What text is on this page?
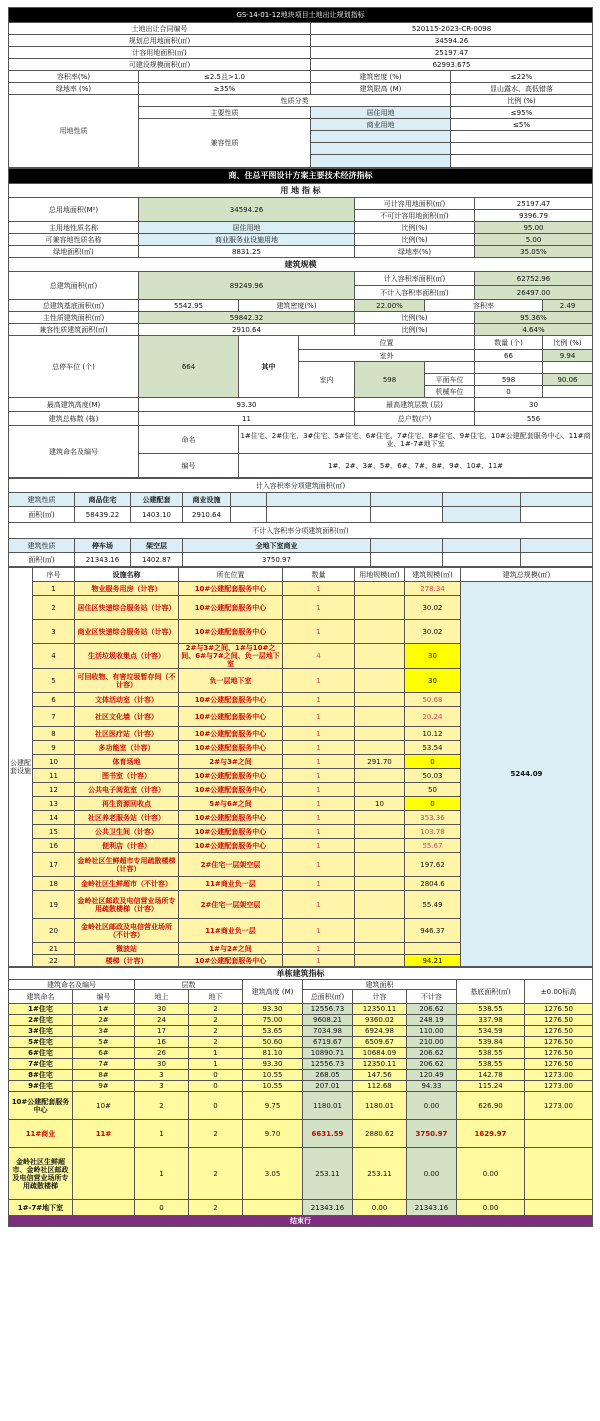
GS-14-01-12地块项目土地出让规划指标			
土地出让合同编号		520115-2023-CR-0098	
规划总用地面积(㎡)		34594.26	
计容用地面积(㎡)		25197.47	
可建设规模面积(㎡)		62993.675	
容积率(%)	≤2.5且>1.0	建筑密度 (%)	≤22%
绿地率 (%)	≥35%	建筑限高 (M)	显山露水、高低错落
用地性质	性质分类		比例 (%)
	主要性质	居住用地	≤95%
	兼容性质	商业用地	≤5%

商、住总平图设计方案主要技术经济指标							
用 地 指 标							
总用地面积(M²)	34594.26			可计容用地面积(㎡)		25197.47	
				不可计容用地面积(㎡)		9396.79	
主用地性质名称	居住用地			比例(%)		95.00	
可兼容地性质名称	商业服务业设施用地			比例(%)		5.00	
绿地面积(㎡)	8831.25			绿地率(%)		35.05%	
建筑规模							
总建筑面积(㎡)	89249.96			计入容积率面积(㎡)		62752.96	
				不计入容积率面积(㎡)		26497.00	
总建筑基底面积(㎡)	5542.95	建筑密度(%)		22.00%	容积率		2.49
主性质建筑面积(㎡)	59842.32			比例(%)		95.36%	
兼容性质建筑面积(㎡)	2910.64			比例(%)		4.64%	
总停车位 (个)	664	其中	位置			数量 (个)	比例 (%)
			室外			66	9.94
			室内	598			
					平面车位	598	90.06
					机械车位	0	
最高建筑高度(M)	93.30			最高建筑层数 (层)		30	
建筑总栋数 (栋)	11			总户数(户)		556	
建筑命名及编号	命名	1#住宅、2#住宅、3#住宅、5#住宅、6#住宅、7#住宅、8#住宅、9#住宅、10#公建配套服务中心、11#商业、1#-7#地下室					
	编号	1#、2#、3#、5#、6#、7#、8#、9#、10#、11#					
计入容积率分项建筑面积(㎡)								
建筑性质	商品住宅	公建配套	商业设施					
面积(㎡)	58439.22	1403.10	2910.64					
不计入容积率分项建筑面积(㎡)								
建筑性质	停车场	架空层	全地下室商业					
面积(㎡)	21343.16	1402.87	3750.97					
公建配套设施	序号	设施名称	所在位置	数量	用地规模(㎡)	建筑规模(㎡)	建筑总规模(㎡)
	1	物业服务用房（计容）	10#公建配套服务中心	1		278.34	5244.09
	2	居住区快递综合服务站（计容）	10#公建配套服务中心	1		30.02	
	3	商业区快递综合服务站（计容）	10#公建配套服务中心	1		30.02	
	4	生活垃圾收集点（计容）	2#与3#之间、1#与10#之间、6#与7#之间、负一层地下室	4		30	
	5	可回收物、有害垃圾暂存间（不计容）	负一层地下室	1		30	
	6	文体活动室（计容）	10#公建配套服务中心	1		50.68	
	7	社区文化墙（计容）	10#公建配套服务中心	1		20.24	
	8	社区医疗站（计容）	10#公建配套服务中心	1		10.12	
	9	多功能室（计容）	10#公建配套服务中心	1		53.54	
	10	体育场地	2#与3#之间	1	291.70	0	
	11	图书室（计容）	10#公建配套服务中心	1		50.03	
	12	公共电子阅览室（计容）	10#公建配套服务中心	1		50	
	13	再生资源回收点	5#与6#之间	1	10	0	
	14	社区养老服务站（计容）	10#公建配套服务中心	1		353.36	
	15	公共卫生间（计容）	10#公建配套服务中心	1		103.78	
	16	便利店（计容）	10#公建配套服务中心	1		55.67	
	17	金岭社区生鲜超市专用疏散楼梯（计容）	2#住宅一层架空层	1		197.62	
	18	金岭社区生鲜超市（不计容）	11#商业负一层	1		2804.6	
	19	金岭社区邮政及电信营业场所专用疏散楼梯（计容）	2#住宅一层架空层	1		55.49	
	20	金岭社区邮政及电信营业场所（不计容）	11#商业负一层	1		946.37	
	21	微波站	1#与2#之间	1			
	22	楼梯（计容）	10#公建配套服务中心	1		94.21	
单栋建筑指标									
建筑命名及编号		层数		建筑高度 (M)	建筑面积			基底面积(㎡)	±0.00标高
建筑命名	编号	地上	地下		总面积(㎡)	计容	不计容		
1#住宅	1#	30	2	93.30	12556.73	12350.11	206.62	538.55	1276.50
2#住宅	2#	24	2	75.00	9608.21	9360.02	248.19	337.98	1276.50
3#住宅	3#	17	2	53.65	7034.98	6924.98	110.00	534.59	1276.50
5#住宅	5#	16	2	50.60	6719.67	6509.67	210.00	539.84	1276.50
6#住宅	6#	26	1	81.10	10890.71	10684.09	206.62	538.55	1276.50
7#住宅	7#	30	1	93.30	12556.73	12350.11	206.62	538.55	1276.50
8#住宅	8#	3	0	10.55	268.05	147.56	120.49	142.78	1273.00
9#住宅	9#	3	0	10.55	207.01	112.68	94.33	115.24	1273.00
10#公建配套服务中心	10#	2	0	9.75	1180.01	1180.01	0.00	626.90	1273.00
11#商业	11#	1	2	9.70	6631.59	2880.62	3750.97	1629.97	
金岭社区生鲜超市、金岭社区邮政及电信营业场所专用疏散楼梯		1	2	3.05	253.11	253.11	0.00	0.00	
1#-7#地下室		0	2		21343.16	0.00	21343.16	0.00	
结束行									
